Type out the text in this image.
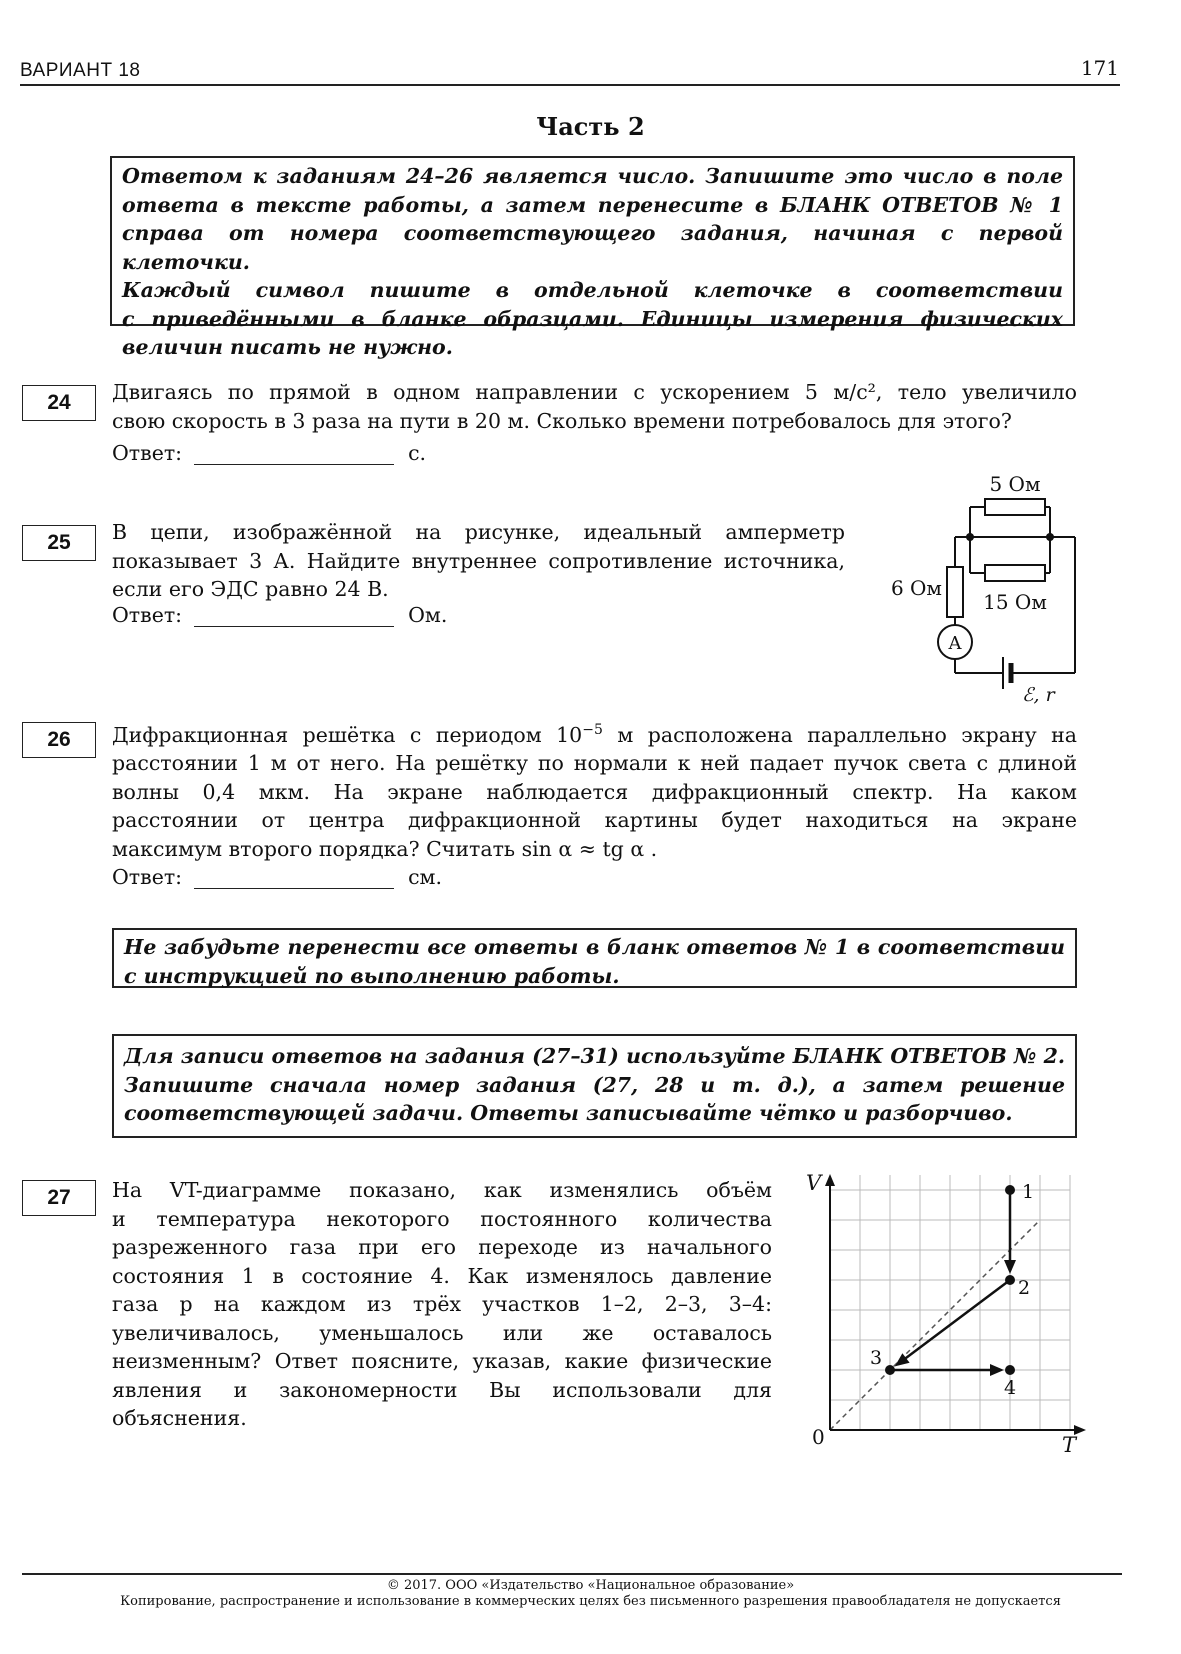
ВАРИАНТ 18	171
Часть 2
Ответом к заданиям 24–26 является число. Запишите это число в поле
ответа в тексте работы, а затем перенесите в БЛАНК ОТВЕТОВ № 1
справа от номера соответствующего задания, начиная с первой клеточки.
Каждый символ пишите в отдельной клеточке в соответствии
с приведёнными в бланке образцами. Единицы измерения физических
величин писать не нужно.
24	Двигаясь по прямой в одном направлении с ускорением 5 м/с², тело увеличило
свою скорость в 3 раза на пути в 20 м. Сколько времени потребовалось для этого?
Ответ:	с.
25	В цепи, изображённой на рисунке, идеальный амперметр
показывает 3 А. Найдите внутреннее сопротивление источника,
если его ЭДС равно 24 В.
Ответ:	Ом.
5 Ом
6 Ом
15 Ом
A
ℰ, r
26	Дифракционная решётка с периодом $10^{-5}$ м расположена параллельно экрану на
расстоянии 1 м от него. На решётку по нормали к ней падает пучок света с длиной
волны 0,4 мкм. На экране наблюдается дифракционный спектр. На каком
расстоянии от центра дифракционной картины будет находиться на экране
максимум второго порядка? Считать sin α ≈ tg α .
Ответ:	см.
Не забудьте перенести все ответы в бланк ответов № 1 в соответствии
с инструкцией по выполнению работы.
Для записи ответов на задания (27–31) используйте БЛАНК ОТВЕТОВ № 2.
Запишите сначала номер задания (27, 28 и т. д.), а затем решение
соответствующей задачи. Ответы записывайте чётко и разборчиво.
27	На VT-диаграмме показано, как изменялись объём
и температура некоторого постоянного количества
разреженного газа при его переходе из начального
состояния 1 в состояние 4. Как изменялось давление
газа p на каждом из трёх участков 1–2, 2–3, 3–4:
увеличивалось, уменьшалось или же оставалось
неизменным? Ответ поясните, указав, какие физические
явления и закономерности Вы использовали для
объяснения.
V
T
0
1
2
3
4
© 2017. ООО «Издательство «Национальное образование»
Копирование, распространение и использование в коммерческих целях без письменного разрешения правообладателя не допускается
